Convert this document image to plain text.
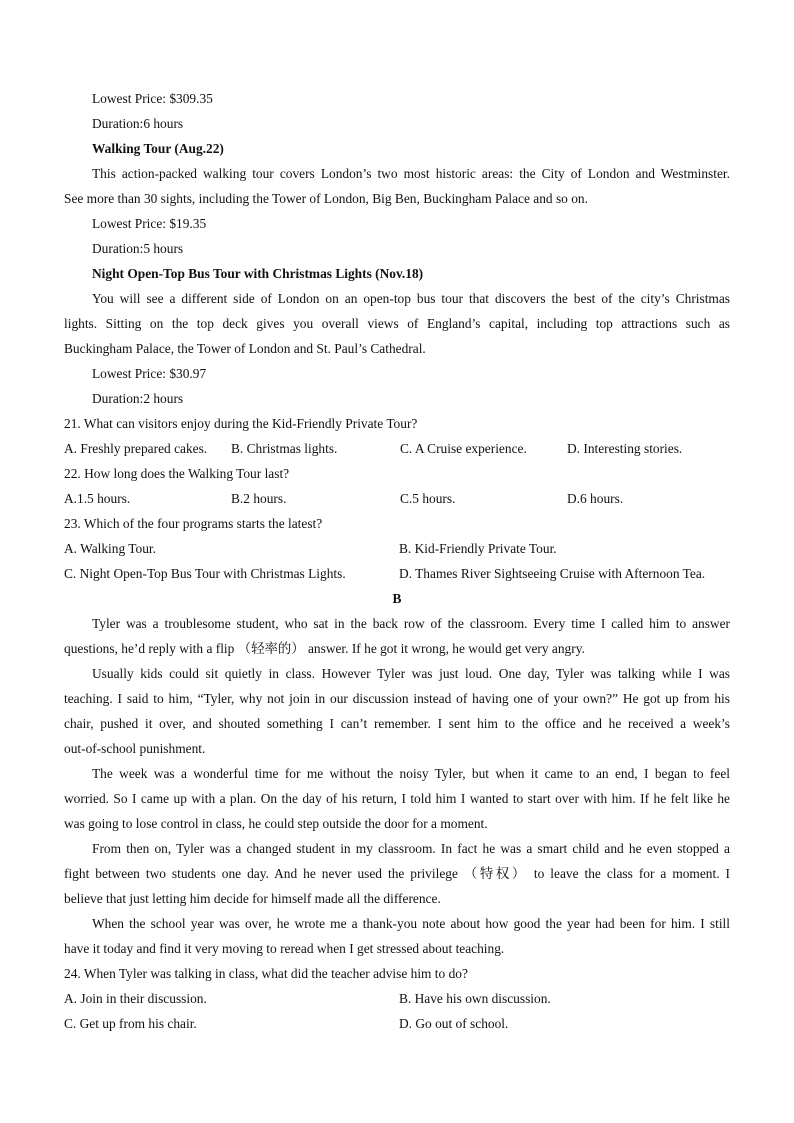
Lowest Price: $309.35
Duration:6 hours
Walking Tour (Aug.22)
This action-packed walking tour covers London’s two most historic areas: the City of London and Westminster.
See more than 30 sights, including the Tower of London, Big Ben, Buckingham Palace and so on.
Lowest Price: $19.35
Duration:5 hours
Night Open-Top Bus Tour with Christmas Lights (Nov.18)
You will see a different side of London on an open-top bus tour that discovers the best of the city’s Christmas
lights. Sitting on the top deck gives you overall views of England’s capital, including top attractions such as
Buckingham Palace, the Tower of London and St. Paul’s Cathedral.
Lowest Price: $30.97
Duration:2 hours
21. What can visitors enjoy during the Kid-Friendly Private Tour?
A. Freshly prepared cakes.	B. Christmas lights.	C. A Cruise experience.	D. Interesting stories.
22. How long does the Walking Tour last?
A.1.5 hours.	B.2 hours.	C.5 hours.	D.6 hours.
23. Which of the four programs starts the latest?
A. Walking Tour.	B. Kid-Friendly Private Tour.
C. Night Open-Top Bus Tour with Christmas Lights.	D. Thames River Sightseeing Cruise with Afternoon Tea.
B
Tyler was a troublesome student, who sat in the back row of the classroom. Every time I called him to answer
questions, he’d reply with a flip （轻率的） answer. If he got it wrong, he would get very angry.
Usually kids could sit quietly in class. However Tyler was just loud. One day, Tyler was talking while I was
teaching. I said to him, “Tyler, why not join in our discussion instead of having one of your own?” He got up from his
chair, pushed it over, and shouted something I can’t remember. I sent him to the office and he received a week’s
out-of-school punishment.
The week was a wonderful time for me without the noisy Tyler, but when it came to an end, I began to feel
worried. So I came up with a plan. On the day of his return, I told him I wanted to start over with him. If he felt like he
was going to lose control in class, he could step outside the door for a moment.
From then on, Tyler was a changed student in my classroom. In fact he was a smart child and he even stopped a
fight between two students one day. And he never used the privilege （特权） to leave the class for a moment. I
believe that just letting him decide for himself made all the difference.
When the school year was over, he wrote me a thank-you note about how good the year had been for him. I still
have it today and find it very moving to reread when I get stressed about teaching.
24. When Tyler was talking in class, what did the teacher advise him to do?
A. Join in their discussion.	B. Have his own discussion.
C. Get up from his chair.	D. Go out of school.
